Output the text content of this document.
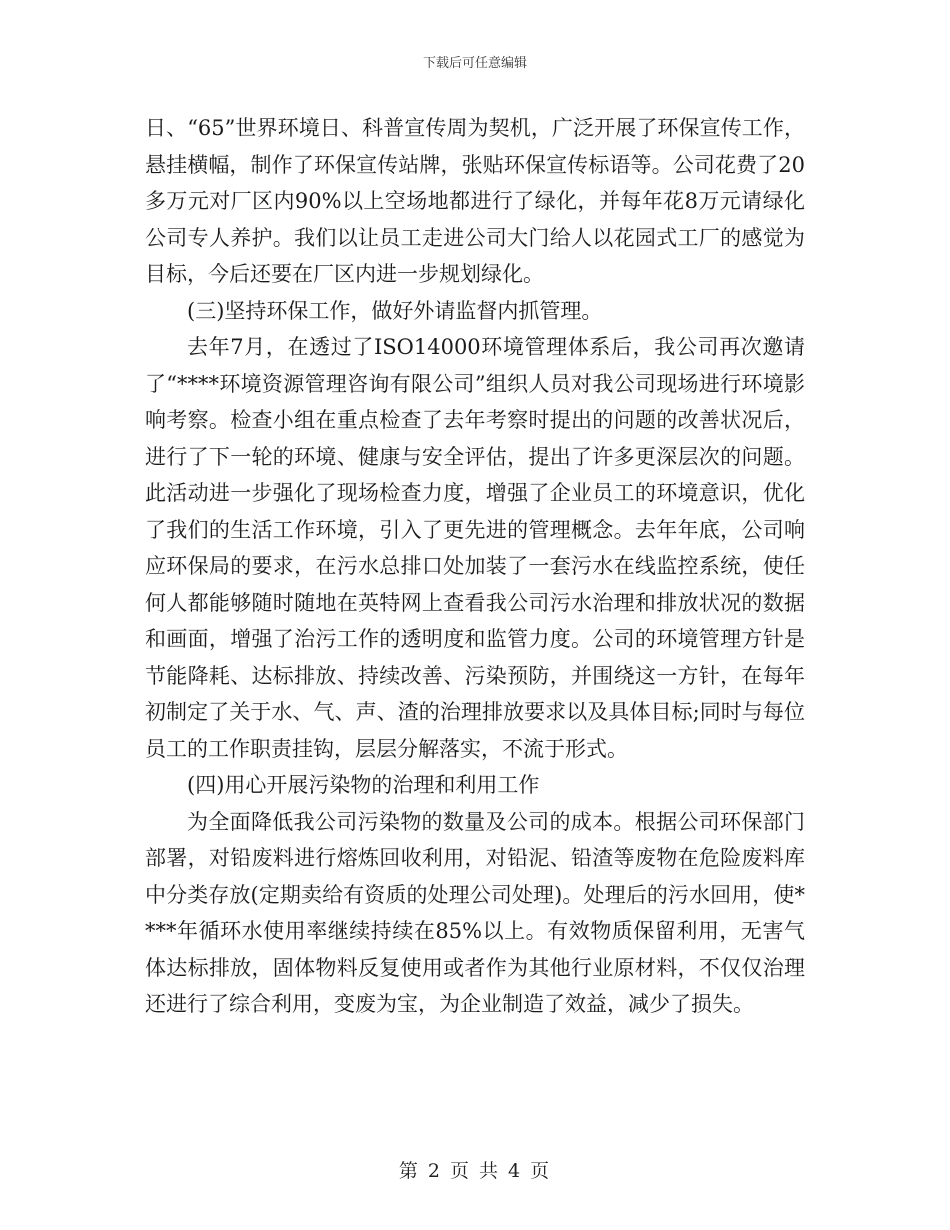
下载后可任意编辑

日、“65”世界环境日、科普宣传周为契机，广泛开展了环保宣传工作，悬挂横幅，制作了环保宣传站牌，张贴环保宣传标语等。公司花费了20多万元对厂区内90%以上空场地都进行了绿化，并每年花8万元请绿化公司专人养护。我们以让员工走进公司大门给人以花园式工厂的感觉为目标，今后还要在厂区内进一步规划绿化。

(三)坚持环保工作，做好外请监督内抓管理。

去年7月，在透过了ISO14000环境管理体系后，我公司再次邀请了“****环境资源管理咨询有限公司”组织人员对我公司现场进行环境影响考察。检查小组在重点检查了去年考察时提出的问题的改善状况后，进行了下一轮的环境、健康与安全评估，提出了许多更深层次的问题。此活动进一步强化了现场检查力度，增强了企业员工的环境意识，优化了我们的生活工作环境，引入了更先进的管理概念。去年年底，公司响应环保局的要求，在污水总排口处加装了一套污水在线监控系统，使任何人都能够随时随地在英特网上查看我公司污水治理和排放状况的数据和画面，增强了治污工作的透明度和监管力度。公司的环境管理方针是节能降耗、达标排放、持续改善、污染预防，并围绕这一方针，在每年初制定了关于水、气、声、渣的治理排放要求以及具体目标;同时与每位员工的工作职责挂钩，层层分解落实，不流于形式。

(四)用心开展污染物的治理和利用工作

为全面降低我公司污染物的数量及公司的成本。根据公司环保部门部署，对铅废料进行熔炼回收利用，对铅泥、铅渣等废物在危险废料库中分类存放(定期卖给有资质的处理公司处理)。处理后的污水回用，使****年循环水使用率继续持续在85%以上。有效物质保留利用，无害气体达标排放，固体物料反复使用或者作为其他行业原材料，不仅仅治理还进行了综合利用，变废为宝，为企业制造了效益，减少了损失。

第 2 页 共 4 页
